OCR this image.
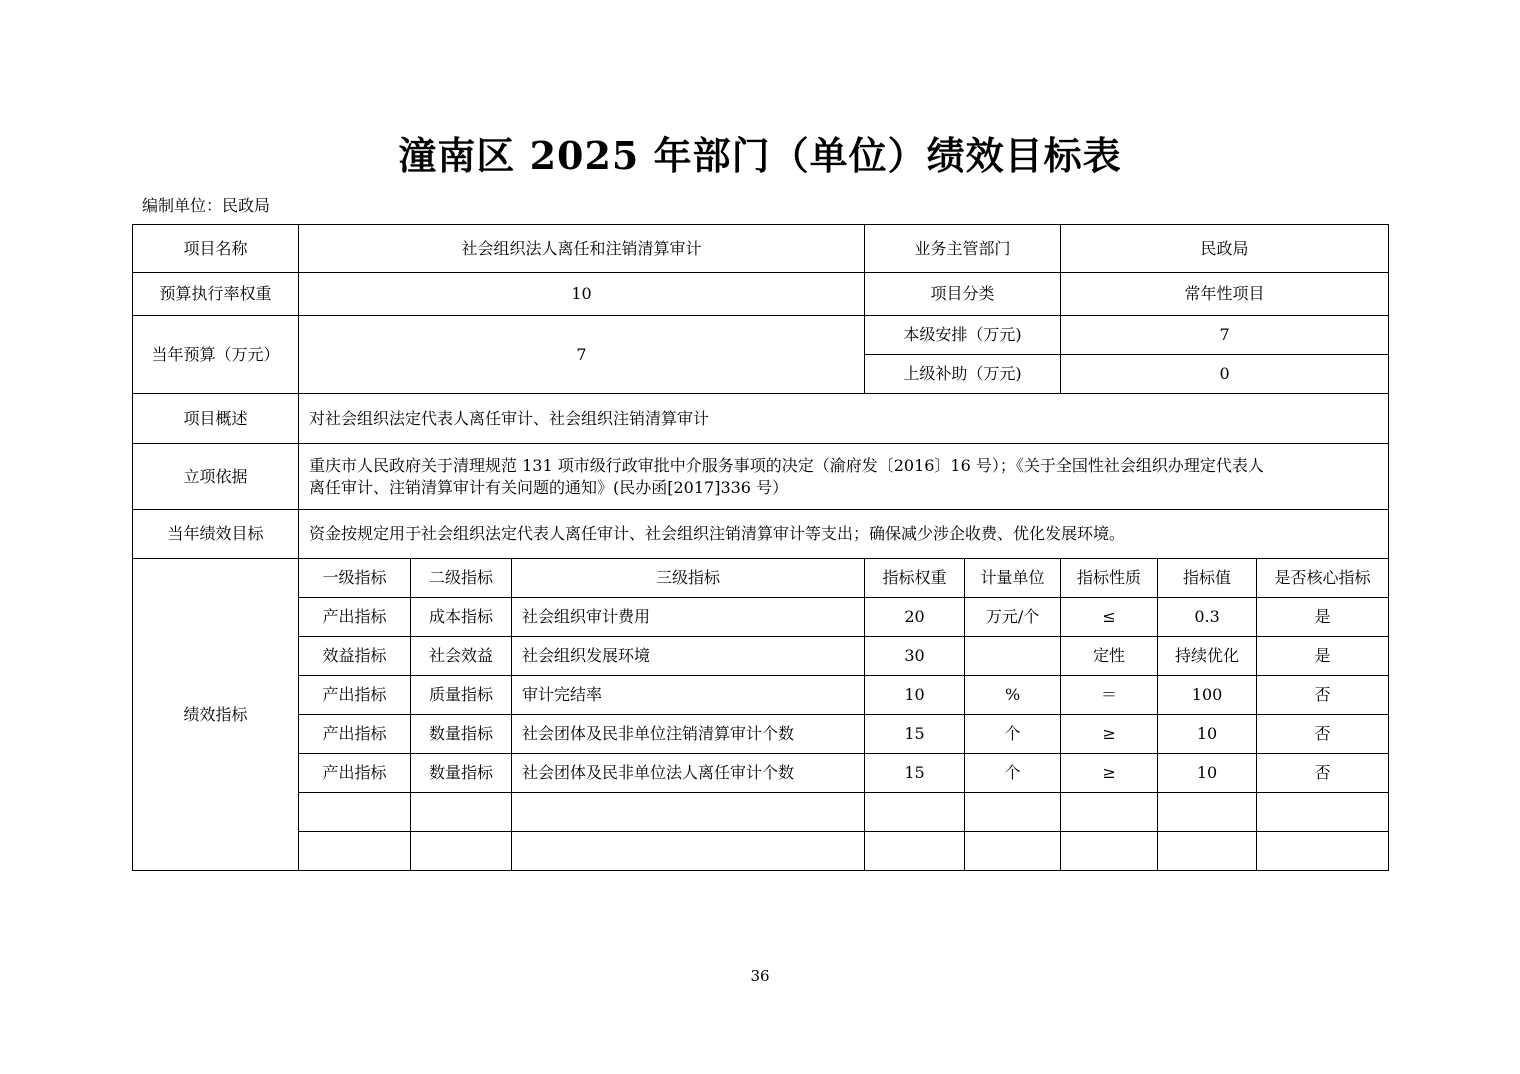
潼南区 2025 年部门（单位）绩效目标表
编制单位：民政局
项目名称	社会组织法人离任和注销清算审计			业务主管部门		民政局		
预算执行率权重	10			项目分类		常年性项目		
当年预算（万元）	7			本级安排（万元)		7		
				上级补助（万元)		0		
项目概述	对社会组织法定代表人离任审计、社会组织注销清算审计							
立项依据	重庆市人民政府关于清理规范 131 项市级行政审批中介服务事项的决定（渝府发〔2016〕16 号）；《关于全国性社会组织办理定代表人
离任审计、注销清算审计有关问题的通知》(民办函[2017]336 号）							

当年绩效目标	资金按规定用于社会组织法定代表人离任审计、社会组织注销清算审计等支出；确保减少涉企收费、优化发展环境。							
绩效指标	一级指标	二级指标	三级指标	指标权重	计量单位	指标性质	指标值	是否核心指标
	产出指标	成本指标	社会组织审计费用	20	万元/个	≤	0.3	是
	效益指标	社会效益	社会组织发展环境	30		定性	持续优化	是
	产出指标	质量指标	审计完结率	10	%	＝	100	否
	产出指标	数量指标	社会团体及民非单位注销清算审计个数	15	个	≥	10	否
	产出指标	数量指标	社会团体及民非单位法人离任审计个数	15	个	≥	10	否

36
